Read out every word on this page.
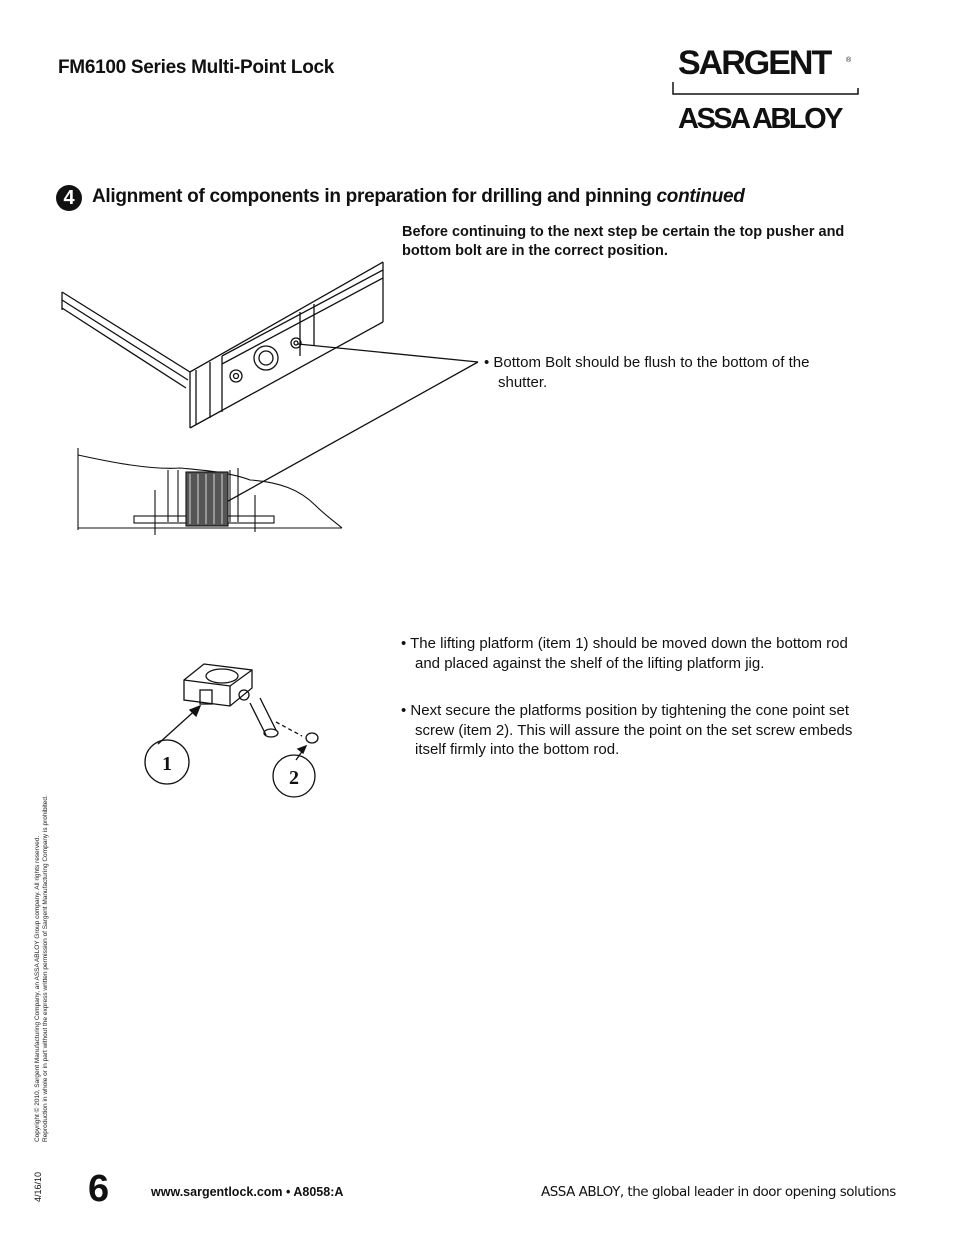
FM6100 Series Multi-Point Lock	SARGENT ®
ASSA ABLOY
4 Alignment of components in preparation for drilling and pinning continued

Before continuing to the next step be certain the top pusher and bottom bolt are in the correct position.

• Bottom Bolt should be flush to the bottom of the shutter.

• The lifting platform (item 1) should be moved down the bottom rod and placed against the shelf of the lifting platform jig.

• Next secure the platforms position by tightening the cone point set screw (item 2). This will assure the point on the set screw embeds itself firmly into the bottom rod.

1
2
Copyright © 2010, Sargent Manufacturing Company, an ASSA ABLOY Group company. All rights reserved. Reproduction in whole or in part without the express written permission of Sargent Manufacturing Company is prohibited.
4/16/10 6	www.sargentlock.com • A8058:A	ASSA ABLOY, the global leader in door opening solutions
